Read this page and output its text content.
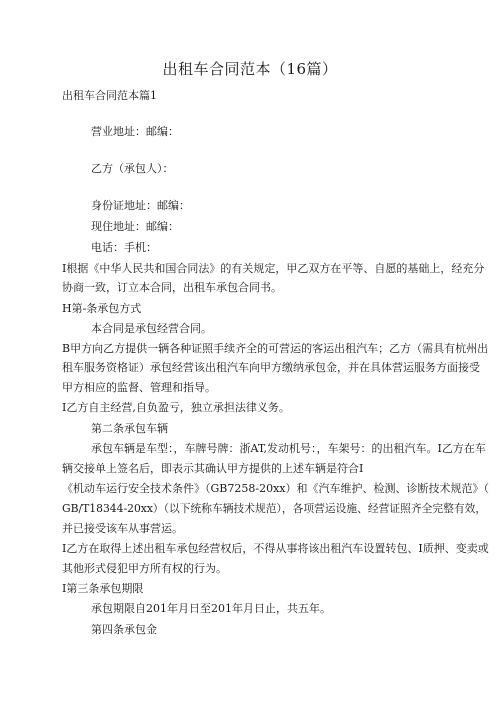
出租车合同范本（16篇）
出租车合同范本篇1
营业地址：邮编：
乙方（承包人）：
身份证地址：邮编：
现住地址：邮编：
电话：手机：
I根据《中华人民共和国合同法》的有关规定，甲乙双方在平等、自愿的基础上，经充分
协商一致，订立本合同，出租车承包合同书。
H第-条承包方式
本合同是承包经营合同。
B甲方向乙方提供一辆各种证照手续齐全的可营运的客运出租汽车；乙方（需具有杭州出
租车服务资格证）承包经营该出租汽车向甲方缴纳承包金，并在具体营运服务方面接受
甲方相应的监督、管理和指导。
I乙方自主经营,自负盈亏，独立承担法律义务。
第二条承包车辆
承包车辆是车型：，车牌号牌：浙AT,发动机号：，车架号：的出租汽车。I乙方在车
辆交接单上签名后，即表示其确认甲方提供的上述车辆是符合I
《机动车运行安全技术条件》（GB7258-20xx）和《汽车维护、检测、诊断技术规范》（
GB/T18344-20xx）（以下统称车辆技术规范），各项营运设施、经营证照齐全完整有效，
并已接受该车从事营运。
I乙方在取得上述出租车承包经营权后，不得从事将该出租汽车设置转包、I质押、变卖或
其他形式侵犯甲方所有权的行为。
I第三条承包期限
承包期限自201年月日至201年月日止，共五年。
第四条承包金
